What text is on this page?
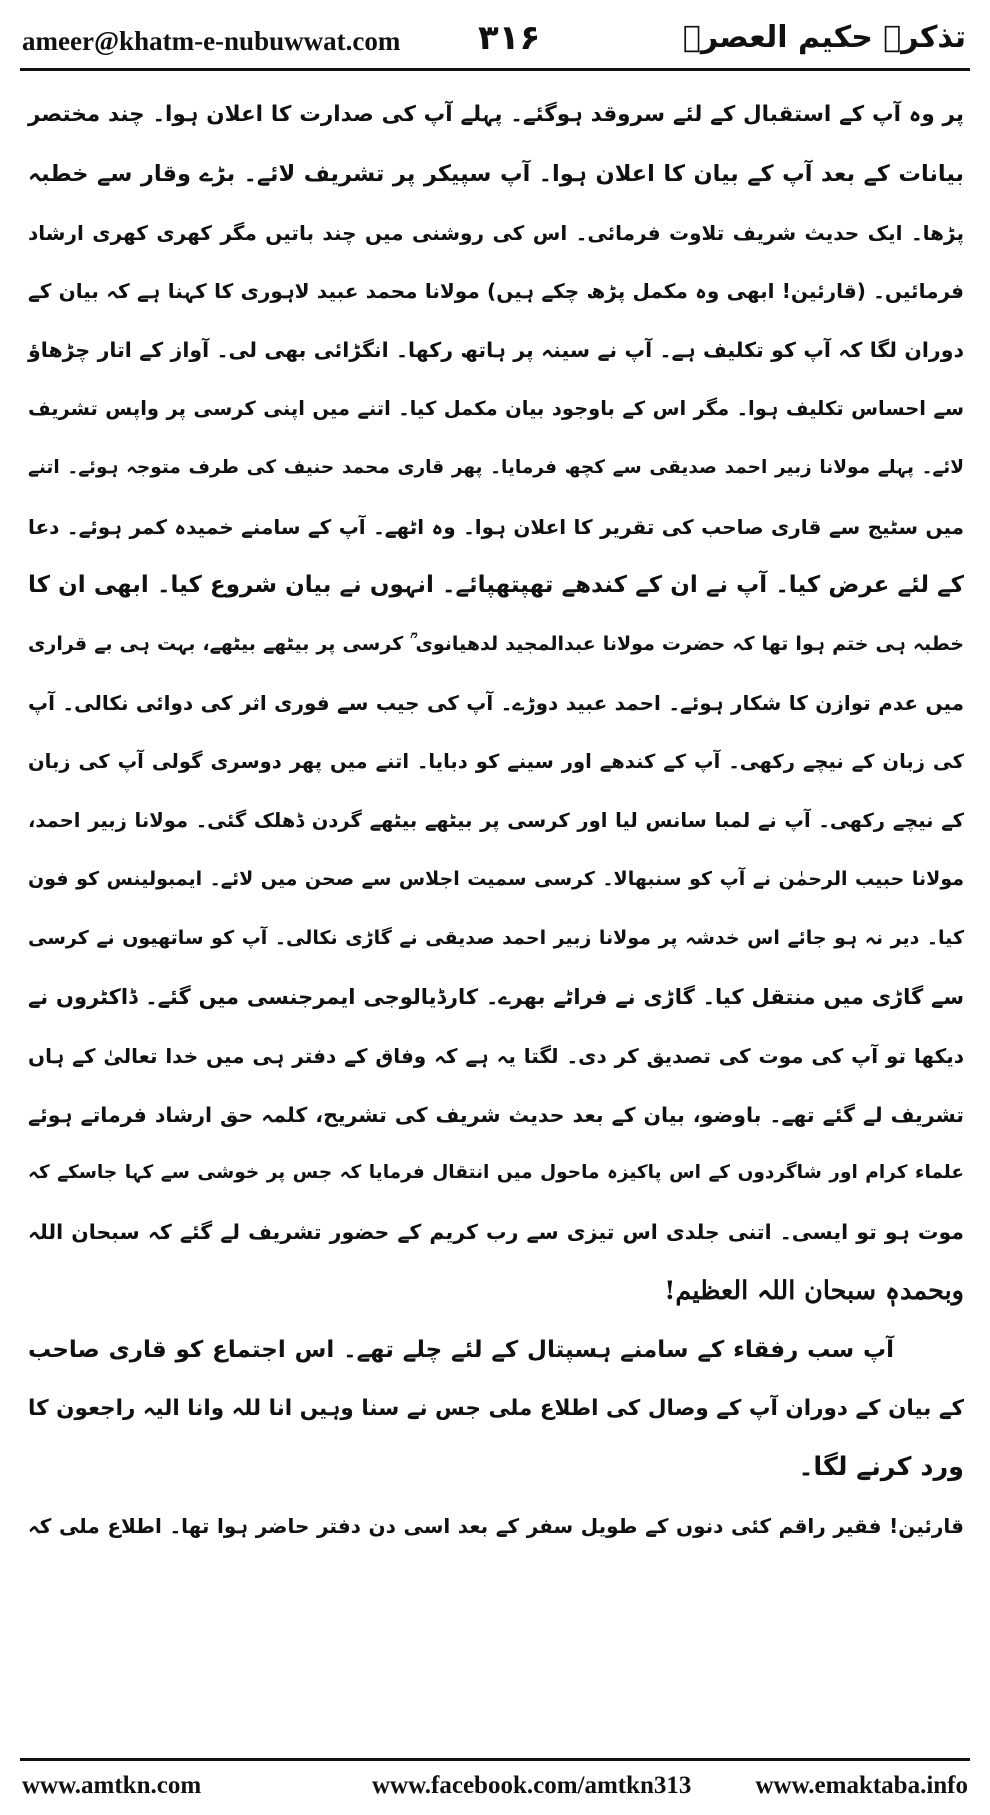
ameer@khatm-e-nubuwwat.com ۳۱۶	تذکرہ حکیم العصرؒ
پر وہ آپ کے استقبال کے لئے سروقد ہوگئے۔ پہلے آپ کی صدارت کا اعلان ہوا۔ چند مختصر
بیانات کے بعد آپ کے بیان کا اعلان ہوا۔ آپ سپیکر پر تشریف لائے۔ بڑے وقار سے خطبہ
پڑھا۔ ایک حدیث شریف تلاوت فرمائی۔ اس کی روشنی میں چند باتیں مگر کھری کھری ارشاد
فرمائیں۔ (قارئین! ابھی وہ مکمل پڑھ چکے ہیں) مولانا محمد عبید لاہوری کا کہنا ہے کہ بیان کے
دوران لگا کہ آپ کو تکلیف ہے۔ آپ نے سینہ پر ہاتھ رکھا۔ انگڑائی بھی لی۔ آواز کے اتار چڑھاؤ
سے احساس تکلیف ہوا۔ مگر اس کے باوجود بیان مکمل کیا۔ اتنے میں اپنی کرسی پر واپس تشریف
لائے۔ پہلے مولانا زبیر احمد صدیقی سے کچھ فرمایا۔ پھر قاری محمد حنیف کی طرف متوجہ ہوئے۔ اتنے
میں سٹیج سے قاری صاحب کی تقریر کا اعلان ہوا۔ وہ اٹھے۔ آپ کے سامنے خمیدہ کمر ہوئے۔ دعا
کے لئے عرض کیا۔ آپ نے ان کے کندھے تھپتھپائے۔ انہوں نے بیان شروع کیا۔ ابھی ان کا
خطبہ ہی ختم ہوا تھا کہ حضرت مولانا عبدالمجید لدھیانوی ؒ کرسی پر بیٹھے بیٹھے، بہت ہی بے قراری
میں عدم توازن کا شکار ہوئے۔ احمد عبید دوڑے۔ آپ کی جیب سے فوری اثر کی دوائی نکالی۔ آپ
کی زبان کے نیچے رکھی۔ آپ کے کندھے اور سینے کو دبایا۔ اتنے میں پھر دوسری گولی آپ کی زبان
کے نیچے رکھی۔ آپ نے لمبا سانس لیا اور کرسی پر بیٹھے بیٹھے گردن ڈھلک گئی۔ مولانا زبیر احمد،
مولانا حبیب الرحمٰن نے آپ کو سنبھالا۔ کرسی سمیت اجلاس سے صحن میں لائے۔ ایمبولینس کو فون
کیا۔ دیر نہ ہو جائے اس خدشہ پر مولانا زبیر احمد صدیقی نے گاڑی نکالی۔ آپ کو ساتھیوں نے کرسی
سے گاڑی میں منتقل کیا۔ گاڑی نے فراٹے بھرے۔ کارڈیالوجی ایمرجنسی میں گئے۔ ڈاکٹروں نے
دیکھا تو آپ کی موت کی تصدیق کر دی۔ لگتا یہ ہے کہ وفاق کے دفتر ہی میں خدا تعالیٰ کے ہاں
تشریف لے گئے تھے۔ باوضو، بیان کے بعد حدیث شریف کی تشریح، کلمہ حق ارشاد فرماتے ہوئے
علماء کرام اور شاگردوں کے اس پاکیزہ ماحول میں انتقال فرمایا کہ جس پر خوشی سے کہا جاسکے کہ
موت ہو تو ایسی۔ اتنی جلدی اس تیزی سے رب کریم کے حضور تشریف لے گئے کہ سبحان اللہ
وبحمدہٖ سبحان اللہ العظیم!
آپ سب رفقاء کے سامنے ہسپتال کے لئے چلے تھے۔ اس اجتماع کو قاری صاحب
کے بیان کے دوران آپ کے وصال کی اطلاع ملی جس نے سنا وہیں انا للہ وانا الیہ راجعون کا
ورد کرنے لگا۔
قارئین! فقیر راقم کئی دنوں کے طویل سفر کے بعد اسی دن دفتر حاضر ہوا تھا۔ اطلاع ملی کہ
www.amtkn.com	www.facebook.com/amtkn313	www.emaktaba.info
